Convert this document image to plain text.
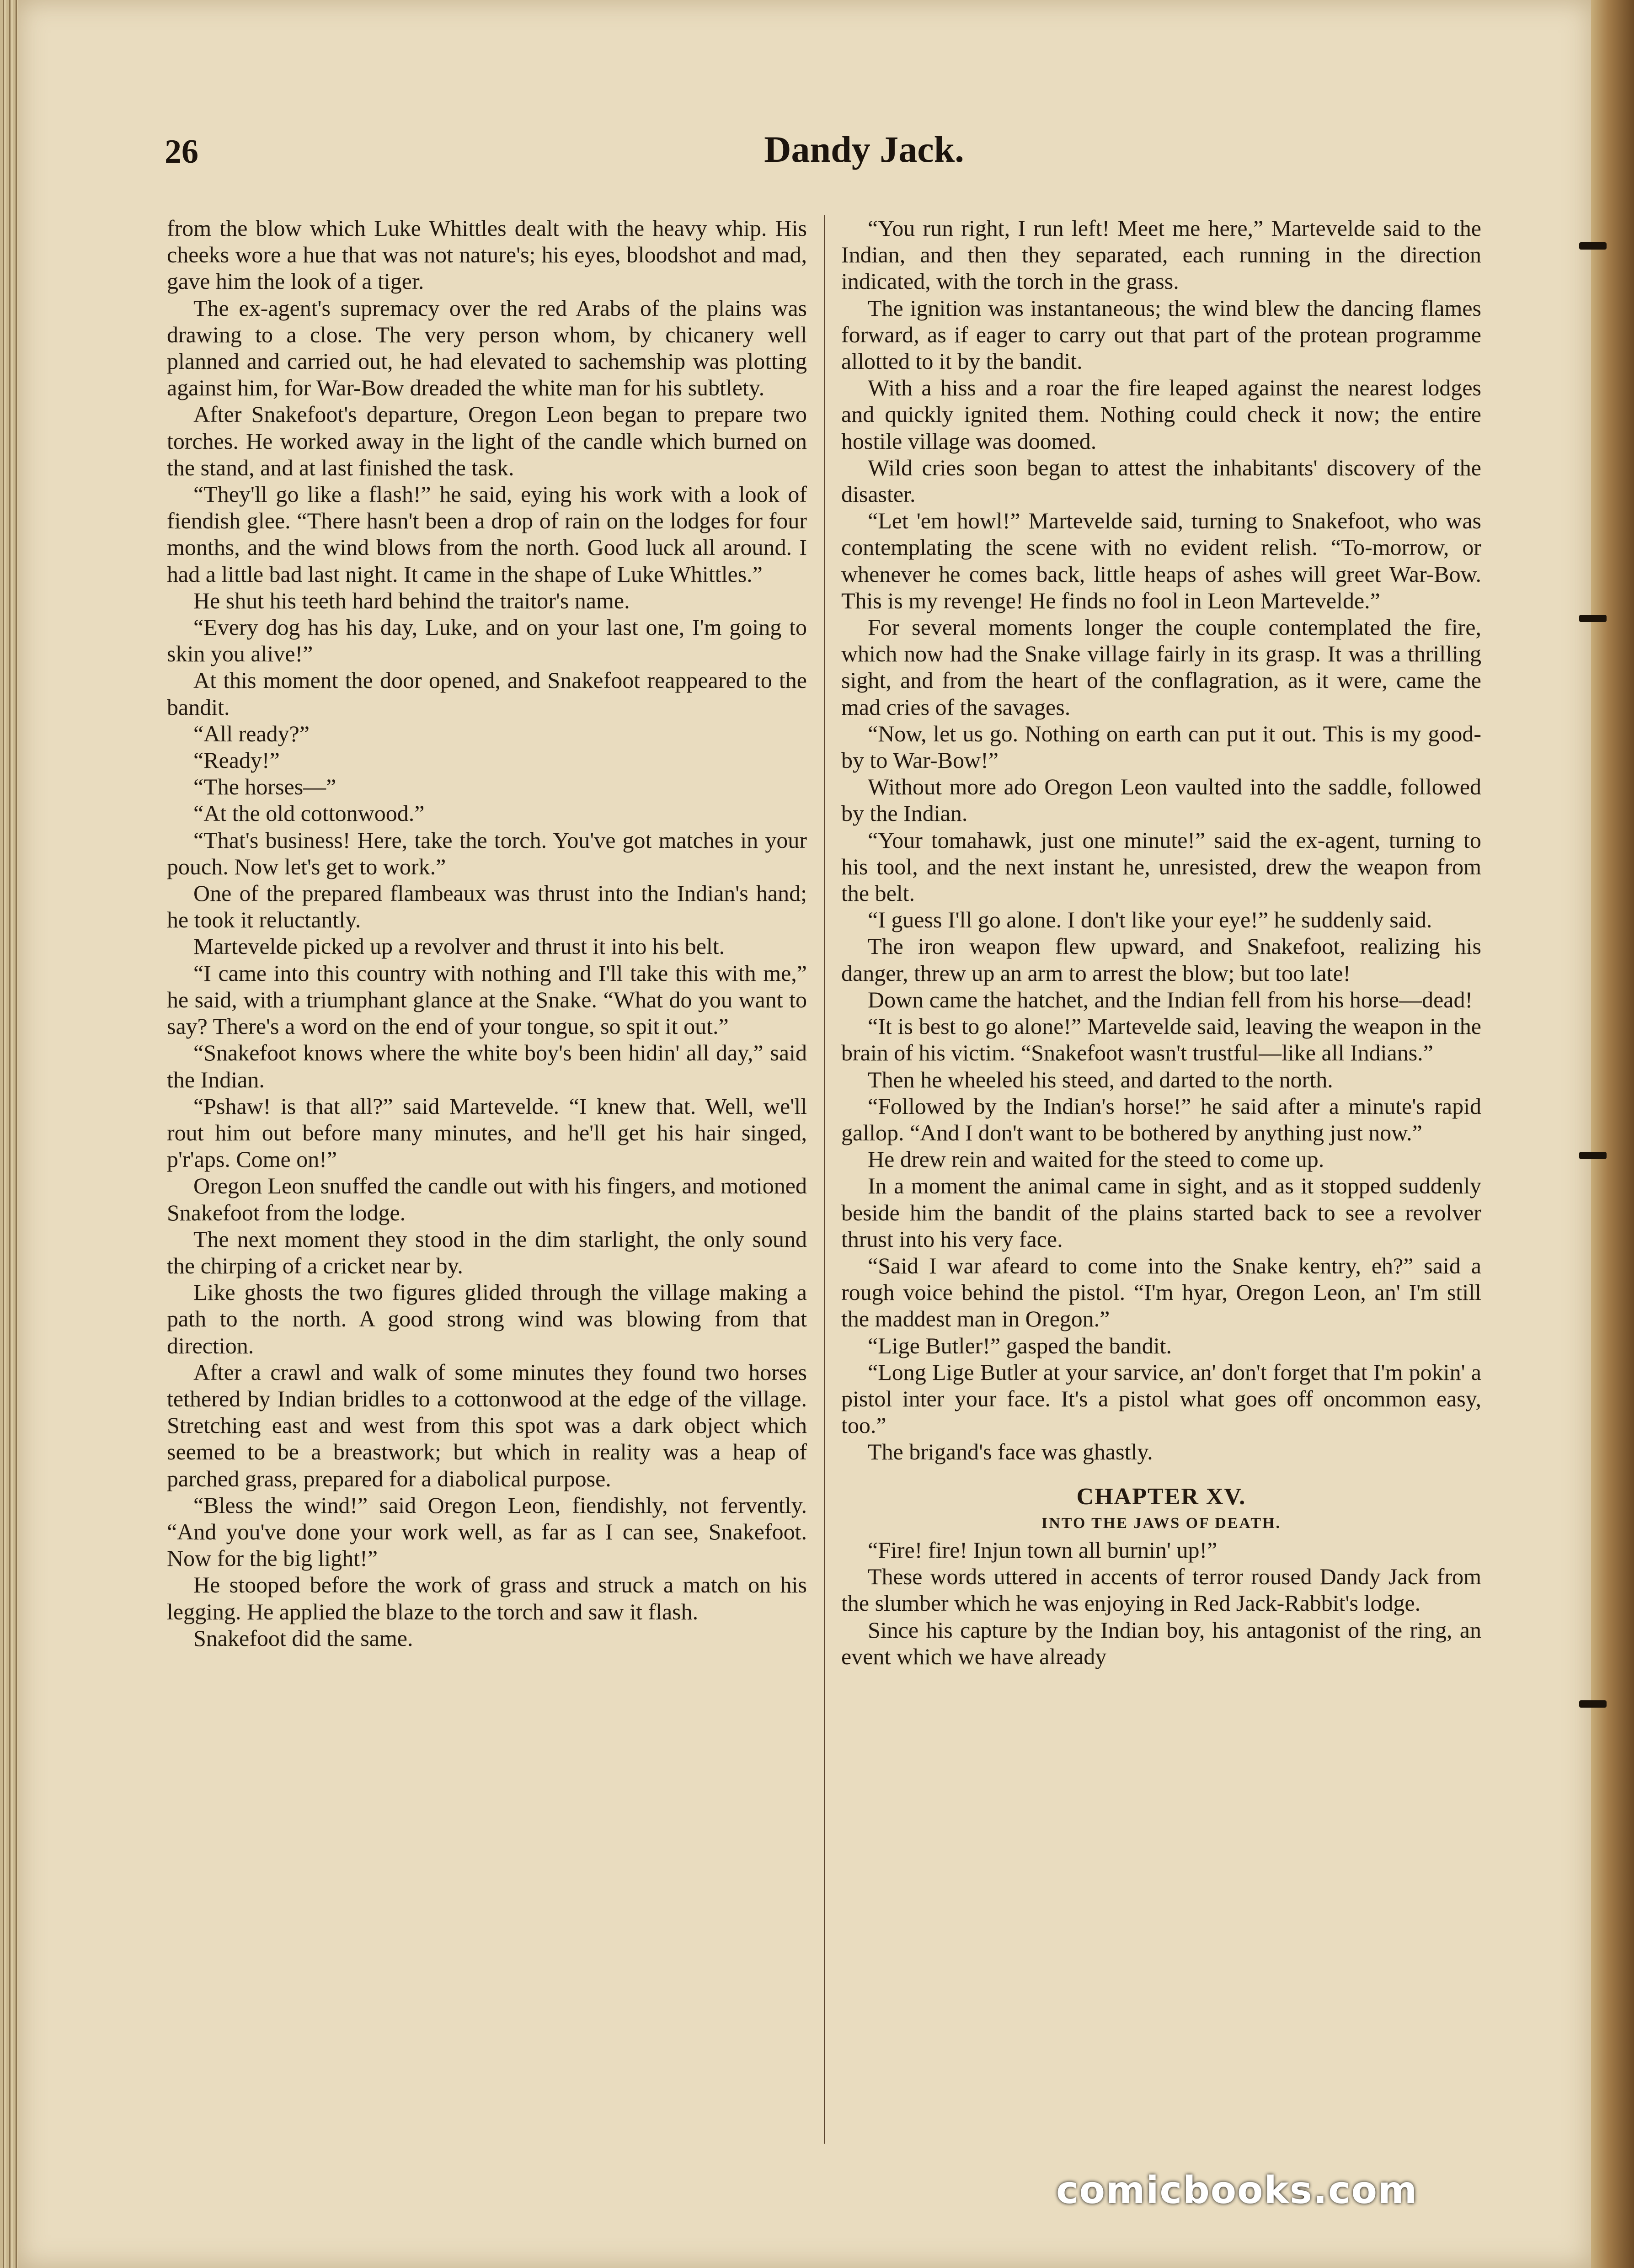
26	Dandy Jack.

from the blow which Luke Whittles dealt with the heavy whip. His cheeks wore a hue that was not nature's; his eyes, bloodshot and mad, gave him the look of a tiger.

The ex-agent's supremacy over the red Arabs of the plains was drawing to a close. The very person whom, by chicanery well planned and carried out, he had elevated to sachemship was plotting against him, for War-Bow dreaded the white man for his subtlety.

After Snakefoot's departure, Oregon Leon began to prepare two torches. He worked away in the light of the candle which burned on the stand, and at last finished the task.

“They'll go like a flash!” he said, eying his work with a look of fiendish glee. “There hasn't been a drop of rain on the lodges for four months, and the wind blows from the north. Good luck all around. I had a little bad last night. It came in the shape of Luke Whittles.”

He shut his teeth hard behind the traitor's name.

“Every dog has his day, Luke, and on your last one, I'm going to skin you alive!”

At this moment the door opened, and Snakefoot reappeared to the bandit.

“All ready?”

“Ready!”

“The horses—”

“At the old cottonwood.”

“That's business! Here, take the torch. You've got matches in your pouch. Now let's get to work.”

One of the prepared flambeaux was thrust into the Indian's hand; he took it reluctantly.

Martevelde picked up a revolver and thrust it into his belt.

“I came into this country with nothing and I'll take this with me,” he said, with a triumphant glance at the Snake. “What do you want to say? There's a word on the end of your tongue, so spit it out.”

“Snakefoot knows where the white boy's been hidin' all day,” said the Indian.

“Pshaw! is that all?” said Martevelde. “I knew that. Well, we'll rout him out before many minutes, and he'll get his hair singed, p'r'aps. Come on!”

Oregon Leon snuffed the candle out with his fingers, and motioned Snakefoot from the lodge.

The next moment they stood in the dim starlight, the only sound the chirping of a cricket near by.

Like ghosts the two figures glided through the village making a path to the north. A good strong wind was blowing from that direction.

After a crawl and walk of some minutes they found two horses tethered by Indian bridles to a cottonwood at the edge of the village. Stretching east and west from this spot was a dark object which seemed to be a breastwork; but which in reality was a heap of parched grass, prepared for a diabolical purpose.

“Bless the wind!” said Oregon Leon, fiendishly, not fervently. “And you've done your work well, as far as I can see, Snakefoot. Now for the big light!”

He stooped before the work of grass and struck a match on his legging. He applied the blaze to the torch and saw it flash.

Snakefoot did the same.

“You run right, I run left! Meet me here,” Martevelde said to the Indian, and then they separated, each running in the direction indicated, with the torch in the grass.

The ignition was instantaneous; the wind blew the dancing flames forward, as if eager to carry out that part of the protean programme allotted to it by the bandit.

With a hiss and a roar the fire leaped against the nearest lodges and quickly ignited them. Nothing could check it now; the entire hostile village was doomed.

Wild cries soon began to attest the inhabitants' discovery of the disaster.

“Let 'em howl!” Martevelde said, turning to Snakefoot, who was contemplating the scene with no evident relish. “To-morrow, or whenever he comes back, little heaps of ashes will greet War-Bow. This is my revenge! He finds no fool in Leon Martevelde.”

For several moments longer the couple contemplated the fire, which now had the Snake village fairly in its grasp. It was a thrilling sight, and from the heart of the conflagration, as it were, came the mad cries of the savages.

“Now, let us go. Nothing on earth can put it out. This is my good-by to War-Bow!”

Without more ado Oregon Leon vaulted into the saddle, followed by the Indian.

“Your tomahawk, just one minute!” said the ex-agent, turning to his tool, and the next instant he, unresisted, drew the weapon from the belt.

“I guess I'll go alone. I don't like your eye!” he suddenly said.

The iron weapon flew upward, and Snakefoot, realizing his danger, threw up an arm to arrest the blow; but too late!

Down came the hatchet, and the Indian fell from his horse—dead!

“It is best to go alone!” Martevelde said, leaving the weapon in the brain of his victim. “Snakefoot wasn't trustful—like all Indians.”

Then he wheeled his steed, and darted to the north.

“Followed by the Indian's horse!” he said after a minute's rapid gallop. “And I don't want to be bothered by anything just now.”

He drew rein and waited for the steed to come up.

In a moment the animal came in sight, and as it stopped suddenly beside him the bandit of the plains started back to see a revolver thrust into his very face.

“Said I war afeard to come into the Snake kentry, eh?” said a rough voice behind the pistol. “I'm hyar, Oregon Leon, an' I'm still the maddest man in Oregon.”

“Lige Butler!” gasped the bandit.

“Long Lige Butler at your sarvice, an' don't forget that I'm pokin' a pistol inter your face. It's a pistol what goes off oncommon easy, too.”

The brigand's face was ghastly.

CHAPTER XV.
INTO THE JAWS OF DEATH.

“Fire! fire! Injun town all burnin' up!”

These words uttered in accents of terror roused Dandy Jack from the slumber which he was enjoying in Red Jack-Rabbit's lodge.

Since his capture by the Indian boy, his antagonist of the ring, an event which we have already

comicbooks.com
